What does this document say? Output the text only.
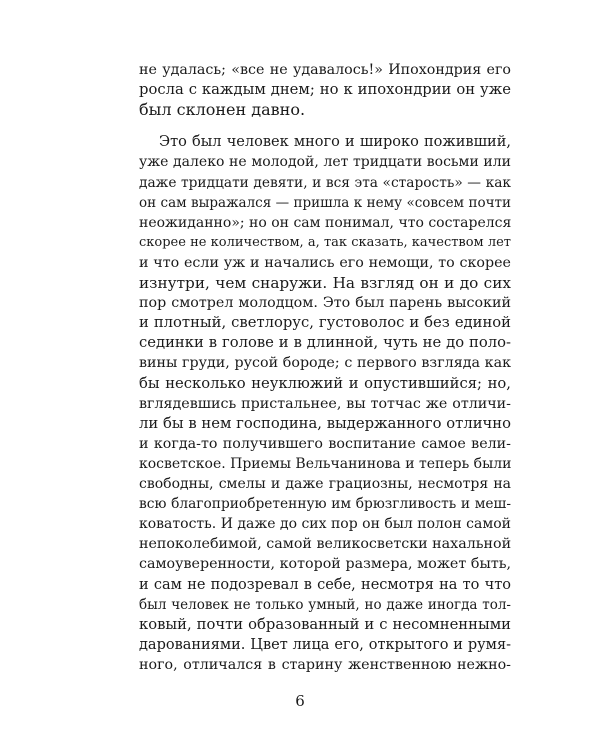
не удалась; «все не удавалось!» Ипохондрия его
росла с каждым днем; но к ипохондрии он уже
был склонен давно.
Это был человек много и широко поживший,
уже далеко не молодой, лет тридцати восьми или
даже тридцати девяти, и вся эта «старость» — как
он сам выражался — пришла к нему «совсем почти
неожиданно»; но он сам понимал, что состарелся
скорее не количеством, а, так сказать, качеством лет
и что если уж и начались его немощи, то скорее
изнутри, чем снаружи. На взгляд он и до сих
пор смотрел молодцом. Это был парень высокий
и плотный, светлорус, густоволос и без единой
сединки в голове и в длинной, чуть не до поло-
вины груди, русой бороде; с первого взгляда как
бы несколько неуклюжий и опустившийся; но,
вглядевшись пристальнее, вы тотчас же отличи-
ли бы в нем господина, выдержанного отлично
и когда-то получившего воспитание самое вели-
косветское. Приемы Вельчанинова и теперь были
свободны, смелы и даже грациозны, несмотря на
всю благоприобретенную им брюзгливость и меш-
коватость. И даже до сих пор он был полон самой
непоколебимой, самой великосветски нахальной
самоуверенности, которой размера, может быть,
и сам не подозревал в себе, несмотря на то что
был человек не только умный, но даже иногда тол-
ковый, почти образованный и с несомненными
дарованиями. Цвет лица его, открытого и румя-
ного, отличался в старину женственною нежно-
6
